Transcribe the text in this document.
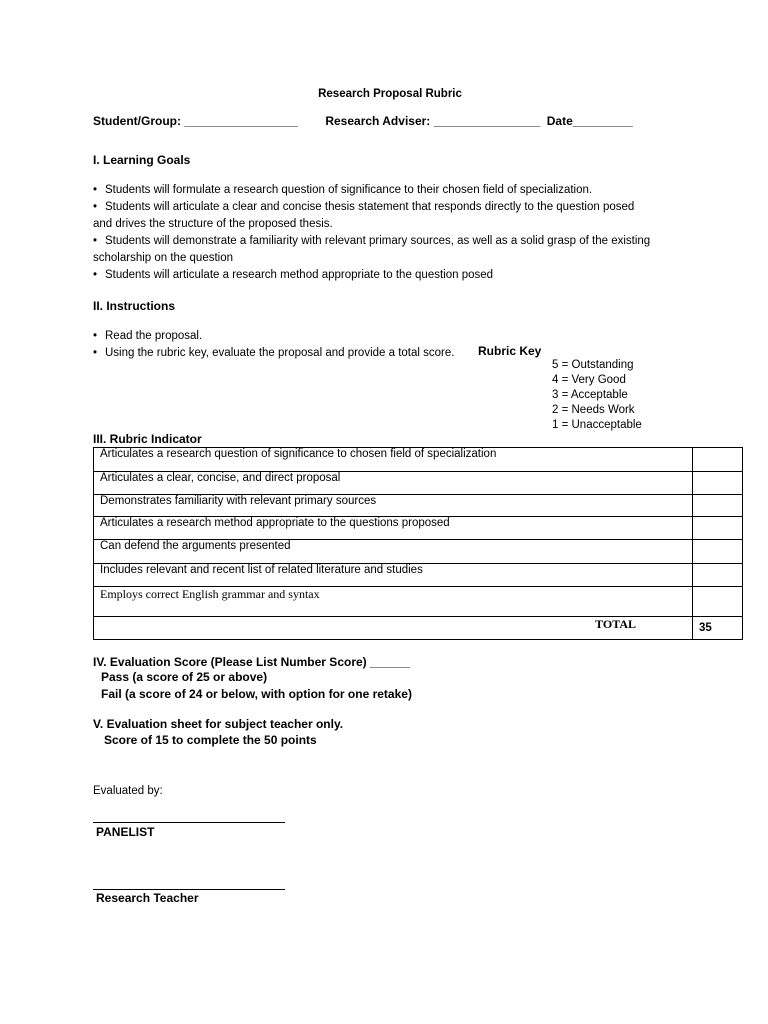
Research Proposal Rubric
Student/Group: _________________ Research Adviser: ________________ Date_________
I. Learning Goals

• Students will formulate a research question of significance to their chosen field of specialization.

• Students will articulate a clear and concise thesis statement that responds directly to the question posed

and drives the structure of the proposed thesis.

• Students will demonstrate a familiarity with relevant primary sources, as well as a solid grasp of the existing

scholarship on the question

• Students will articulate a research method appropriate to the question posed

II. Instructions

• Read the proposal.

• Using the rubric key, evaluate the proposal and provide a total score.	Rubric Key
5 = Outstanding
4 = Very Good
3 = Acceptable
2 = Needs Work
1 = Unacceptable
III. Rubric Indicator
Articulates a research question of significance to chosen field of specialization	
Articulates a clear, concise, and direct proposal	
Demonstrates familiarity with relevant primary sources	
Articulates a research method appropriate to the questions proposed	
Can defend the arguments presented	
Includes relevant and recent list of related literature and studies	
Employs correct English grammar and syntax	
TOTAL	35
IV. Evaluation Score (Please List Number Score) ______
Pass (a score of 25 or above)
Fail (a score of 24 or below, with option for one retake)
V. Evaluation sheet for subject teacher only.
Score of 15 to complete the 50 points
Evaluated by:
PANELIST
Research Teacher
